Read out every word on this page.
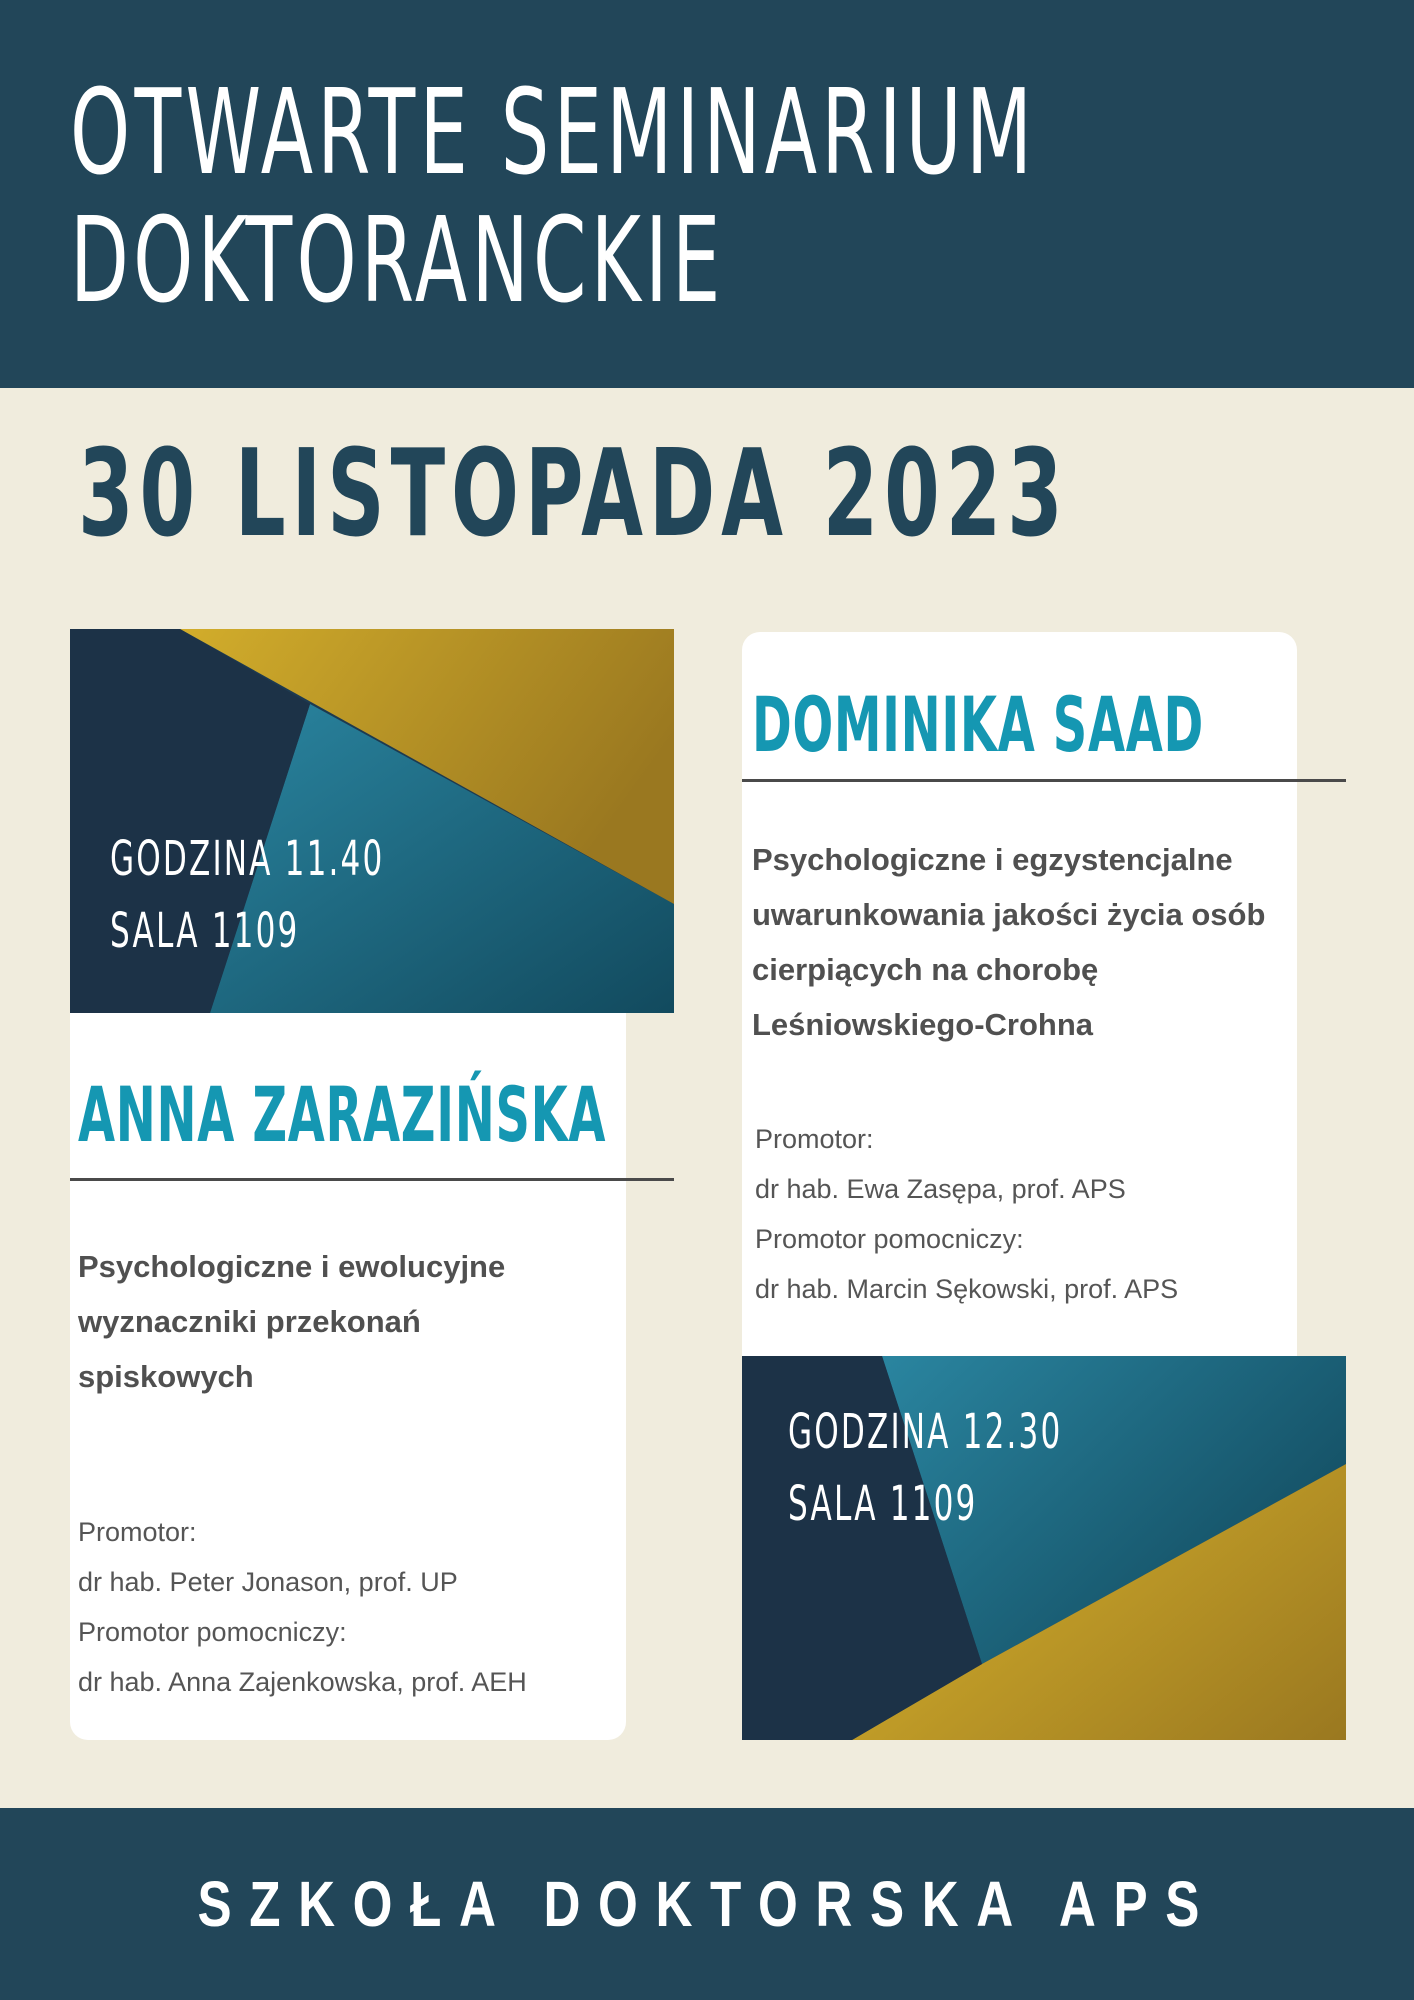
OTWARTE SEMINARIUM
DOKTORANCKIE
30 LISTOPADA 2023

GODZINA 11.40
SALA 1109

ANNA ZARAZIŃSKA

Psychologiczne i ewolucyjne wyznaczniki przekonań spiskowych

Promotor:
dr hab. Peter Jonason, prof. UP
Promotor pomocniczy:
dr hab. Anna Zajenkowska, prof. AEH
DOMINIKA SAAD

Psychologiczne i egzystencjalne uwarunkowania jakości życia osób cierpiących na chorobę Leśniowskiego-Crohna

Promotor:
dr hab. Ewa Zasępa, prof. APS
Promotor pomocniczy:
dr hab. Marcin Sękowski, prof. APS

GODZINA 12.30
SALA 1109

SZKOŁA DOKTORSKA APS
